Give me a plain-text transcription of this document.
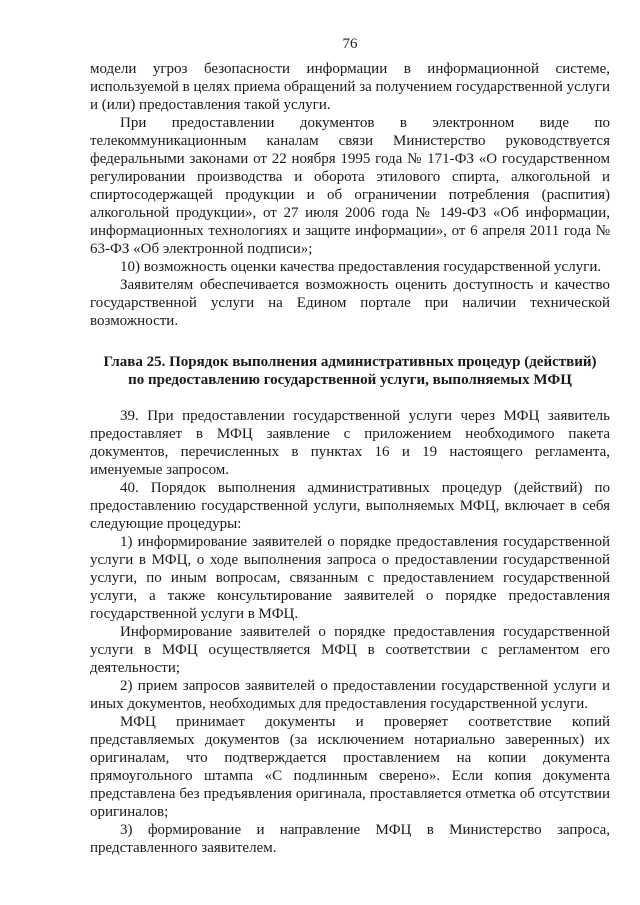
76

модели угроз безопасности информации в информационной системе, используемой в целях приема обращений за получением государственной услуги и (или) предоставления такой услуги.

При предоставлении документов в электронном виде по телекоммуникационным каналам связи Министерство руководствуется федеральными законами от 22 ноября 1995 года № 171-ФЗ «О государственном регулировании производства и оборота этилового спирта, алкогольной и спиртосодержащей продукции и об ограничении потребления (распития) алкогольной продукции», от 27 июля 2006 года № 149-ФЗ «Об информации, информационных технологиях и защите информации», от 6 апреля 2011 года № 63-ФЗ «Об электронной подписи»;

10) возможность оценки качества предоставления государственной услуги.

Заявителям обеспечивается возможность оценить доступность и качество государственной услуги на Едином портале при наличии технической возможности.

Глава 25. Порядок выполнения административных процедур (действий)
по предоставлению государственной услуги, выполняемых МФЦ

39. При предоставлении государственной услуги через МФЦ заявитель предоставляет в МФЦ заявление с приложением необходимого пакета документов, перечисленных в пунктах 16 и 19 настоящего регламента, именуемые запросом.

40. Порядок выполнения административных процедур (действий) по предоставлению государственной услуги, выполняемых МФЦ, включает в себя следующие процедуры:

1) информирование заявителей о порядке предоставления государственной услуги в МФЦ, о ходе выполнения запроса о предоставлении государственной услуги, по иным вопросам, связанным с предоставлением государственной услуги, а также консультирование заявителей о порядке предоставления государственной услуги в МФЦ.

Информирование заявителей о порядке предоставления государственной услуги в МФЦ осуществляется МФЦ в соответствии с регламентом его деятельности;

2) прием запросов заявителей о предоставлении государственной услуги и иных документов, необходимых для предоставления государственной услуги.

МФЦ принимает документы и проверяет соответствие копий представляемых документов (за исключением нотариально заверенных) их оригиналам, что подтверждается проставлением на копии документа прямоугольного штампа «С подлинным сверено». Если копия документа представлена без предъявления оригинала, проставляется отметка об отсутствии оригиналов;

3) формирование и направление МФЦ в Министерство запроса, представленного заявителем.
